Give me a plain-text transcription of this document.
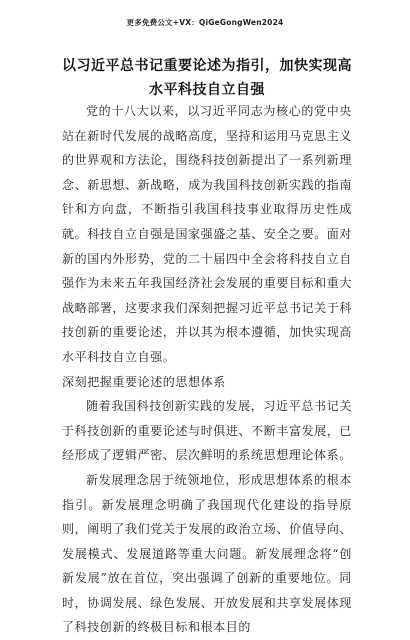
更多免费公文+VX：QiGeGongWen2024
以习近平总书记重要论述为指引，加快实现高水平科技自立自强

党的十八大以来，以习近平同志为核心的党中央站在新时代发展的战略高度，坚持和运用马克思主义的世界观和方法论，围绕科技创新提出了一系列新理念、新思想、新战略，成为我国科技创新实践的指南针和方向盘，不断指引我国科技事业取得历史性成就。科技自立自强是国家强盛之基、安全之要。面对新的国内外形势，党的二十届四中全会将科技自立自强作为未来五年我国经济社会发展的重要目标和重大战略部署，这要求我们深刻把握习近平总书记关于科技创新的重要论述，并以其为根本遵循，加快实现高水平科技自立自强。

深刻把握重要论述的思想体系

随着我国科技创新实践的发展，习近平总书记关于科技创新的重要论述与时俱进、不断丰富发展，已经形成了逻辑严密、层次鲜明的系统思想理论体系。

新发展理念居于统领地位，形成思想体系的根本指引。新发展理念明确了我国现代化建设的指导原则，阐明了我们党关于发展的政治立场、价值导向、发展模式、发展道路等重大问题。新发展理念将“创新发展”放在首位，突出强调了创新的重要地位。同时，协调发展、绿色发展、开放发展和共享发展体现了科技创新的终极目标和根本目的
